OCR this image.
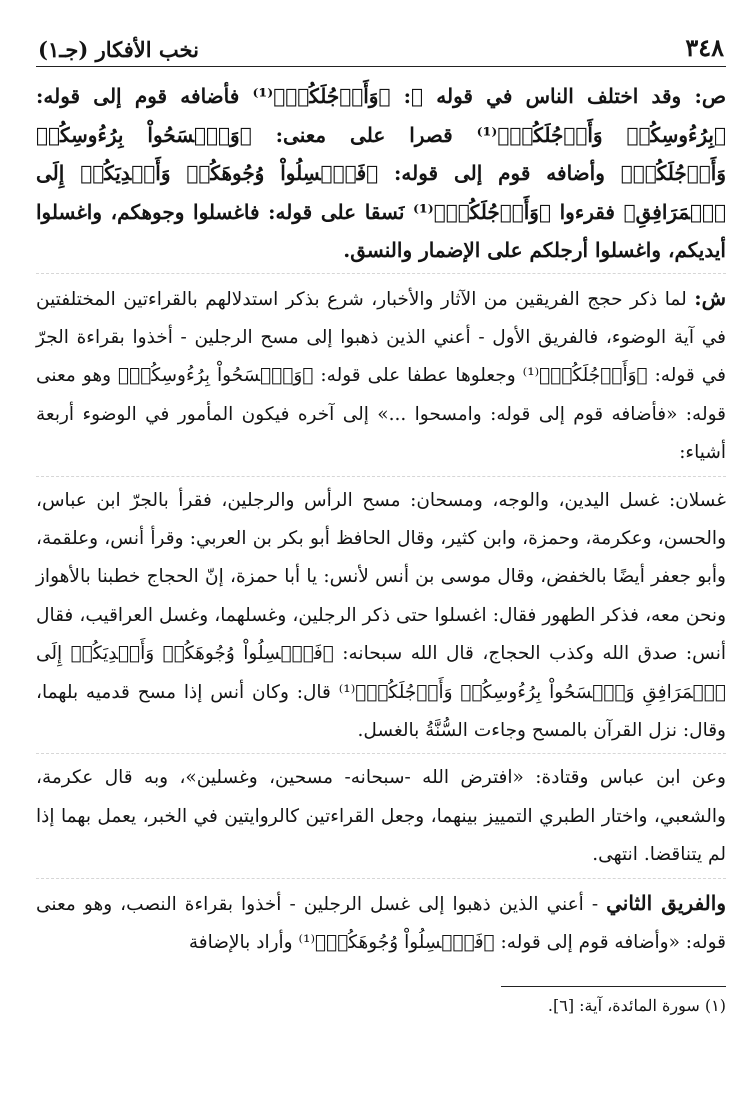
٣٤٨
نخب الأفكار (جـ١)

ص: وقد اختلف الناس في قوله ﷺ: ﴿وَأَرۡجُلَكُمۡ﴾⁽¹⁾ فأضافه قوم إلى قوله: ﴿بِرُءُوسِكُمۡ وَأَرۡجُلَكُمۡ﴾⁽¹⁾ قصرا على معنى: ﴿وَٱمۡسَحُواْ بِرُءُوسِكُمۡ وَأَرۡجُلَكُمۡ﴾ وأضافه قوم إلى قوله: ﴿فَٱغۡسِلُواْ وُجُوهَكُمۡ وَأَيۡدِيَكُمۡ إِلَى ٱلۡمَرَافِقِ﴾ فقرءوا ﴿وَأَرۡجُلَكُمۡ﴾⁽¹⁾ نَسقا على قوله: فاغسلوا وجوهكم، واغسلوا أيديكم، واغسلوا أرجلكم على الإضمار والنسق.

ش: لما ذكر حجج الفريقين من الآثار والأخبار، شرع بذكر استدلالهم بالقراءتين المختلفتين في آية الوضوء، فالفريق الأول - أعني الذين ذهبوا إلى مسح الرجلين - أخذوا بقراءة الجرّ في قوله: ﴿وَأَرۡجُلَكُمۡ﴾⁽¹⁾ وجعلوها عطفا على قوله: ﴿وَٱمۡسَحُواْ بِرُءُوسِكُمۡ﴾ وهو معنى قوله: «فأضافه قوم إلى قوله: وامسحوا ...» إلى آخره فيكون المأمور في الوضوء أربعة أشياء:

غسلان: غسل اليدين، والوجه، ومسحان: مسح الرأس والرجلين، فقرأ بالجرّ ابن عباس، والحسن، وعكرمة، وحمزة، وابن كثير، وقال الحافظ أبو بكر بن العربي: وقرأ أنس، وعلقمة، وأبو جعفر أيضًا بالخفض، وقال موسى بن أنس لأنس: يا أبا حمزة، إنّ الحجاج خطبنا بالأهواز ونحن معه، فذكر الطهور فقال: اغسلوا حتى ذكر الرجلين، وغسلهما، وغسل العراقيب، فقال أنس: صدق الله وكذب الحجاج، قال الله سبحانه: ﴿فَٱغۡسِلُواْ وُجُوهَكُمۡ وَأَيۡدِيَكُمۡ إِلَى ٱلۡمَرَافِقِ وَٱمۡسَحُواْ بِرُءُوسِكُمۡ وَأَرۡجُلَكُمۡ﴾⁽¹⁾ قال: وكان أنس إذا مسح قدميه بلهما، وقال: نزل القرآن بالمسح وجاءت السُّنَّةُ بالغسل.

وعن ابن عباس وقتادة: «افترض الله -سبحانه- مسحين، وغسلين»، وبه قال عكرمة، والشعبي، واختار الطبري التمييز بينهما، وجعل القراءتين كالروايتين في الخبر، يعمل بهما إذا لم يتناقضا. انتهى.

والفريق الثاني - أعني الذين ذهبوا إلى غسل الرجلين - أخذوا بقراءة النصب، وهو معنى قوله: «وأضافه قوم إلى قوله: ﴿فَٱغۡسِلُواْ وُجُوهَكُمۡ﴾⁽¹⁾ وأراد بالإضافة

(١) سورة المائدة، آية: [٦].
